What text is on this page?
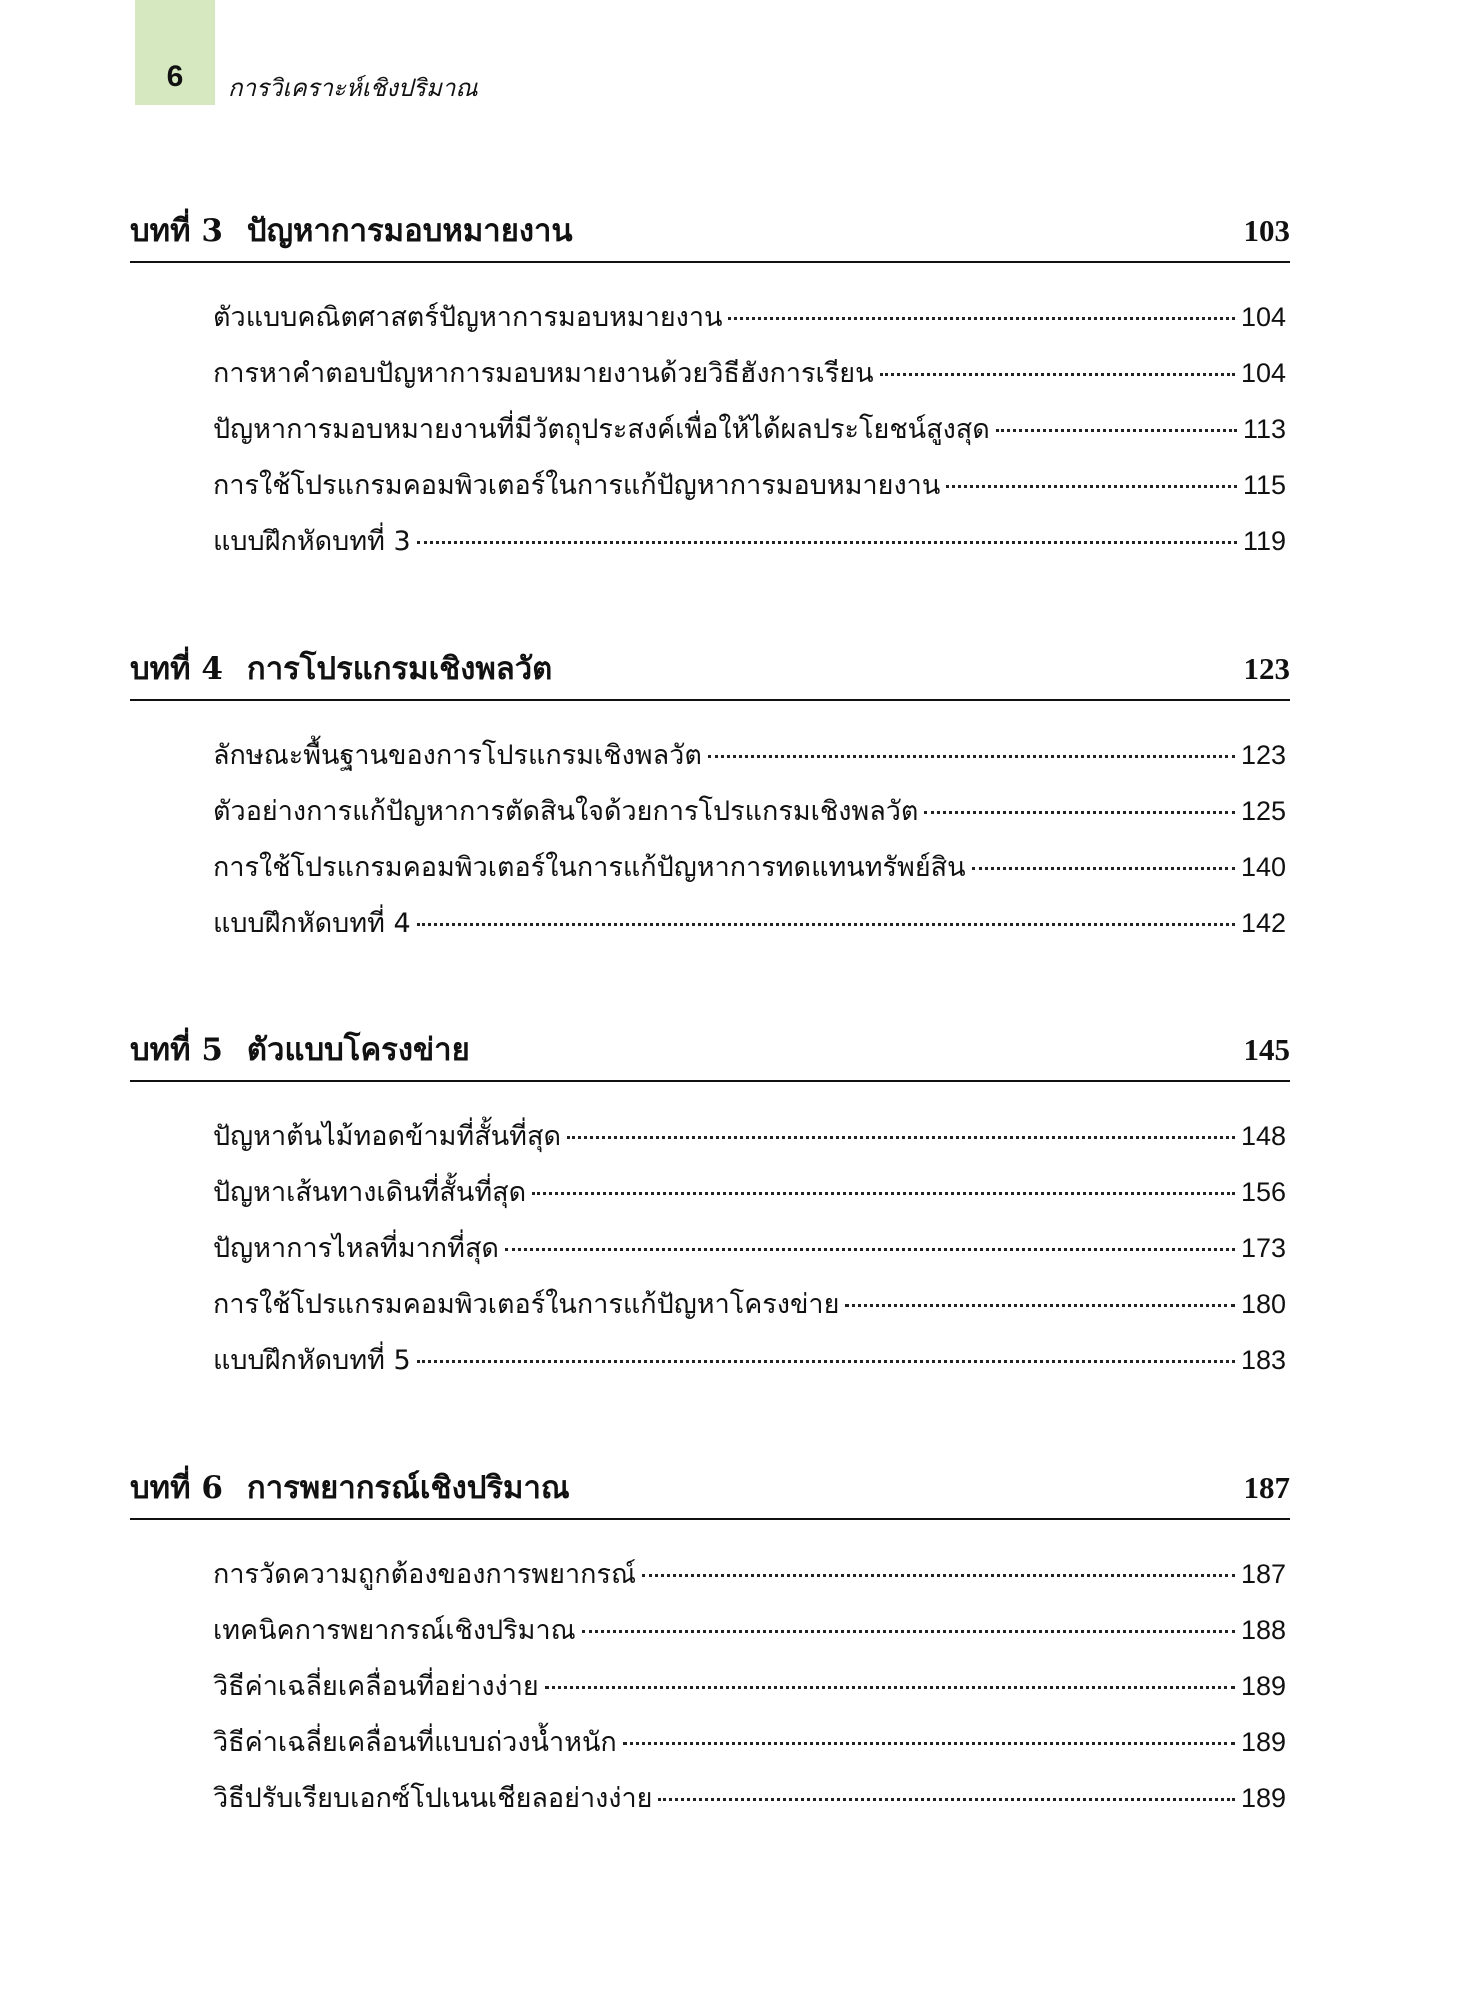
6	การวิเคราะห์เชิงปริมาณ
บทที่ 3 ปัญหาการมอบหมายงาน	103
ตัวแบบคณิตศาสตร์ปัญหาการมอบหมายงาน	104
การหาคำตอบปัญหาการมอบหมายงานด้วยวิธีฮังการเรียน	104
ปัญหาการมอบหมายงานที่มีวัตถุประสงค์เพื่อให้ได้ผลประโยชน์สูงสุด	113
การใช้โปรแกรมคอมพิวเตอร์ในการแก้ปัญหาการมอบหมายงาน	115
แบบฝึกหัดบทที่ 3	119
บทที่ 4 การโปรแกรมเชิงพลวัต	123
ลักษณะพื้นฐานของการโปรแกรมเชิงพลวัต	123
ตัวอย่างการแก้ปัญหาการตัดสินใจด้วยการโปรแกรมเชิงพลวัต	125
การใช้โปรแกรมคอมพิวเตอร์ในการแก้ปัญหาการทดแทนทรัพย์สิน	140
แบบฝึกหัดบทที่ 4	142
บทที่ 5 ตัวแบบโครงข่าย	145
ปัญหาต้นไม้ทอดข้ามที่สั้นที่สุด	148
ปัญหาเส้นทางเดินที่สั้นที่สุด	156
ปัญหาการไหลที่มากที่สุด	173
การใช้โปรแกรมคอมพิวเตอร์ในการแก้ปัญหาโครงข่าย	180
แบบฝึกหัดบทที่ 5	183
บทที่ 6 การพยากรณ์เชิงปริมาณ	187
การวัดความถูกต้องของการพยากรณ์	187
เทคนิคการพยากรณ์เชิงปริมาณ	188
วิธีค่าเฉลี่ยเคลื่อนที่อย่างง่าย	189
วิธีค่าเฉลี่ยเคลื่อนที่แบบถ่วงน้ำหนัก	189
วิธีปรับเรียบเอกซ์โปเนนเชียลอย่างง่าย	189
